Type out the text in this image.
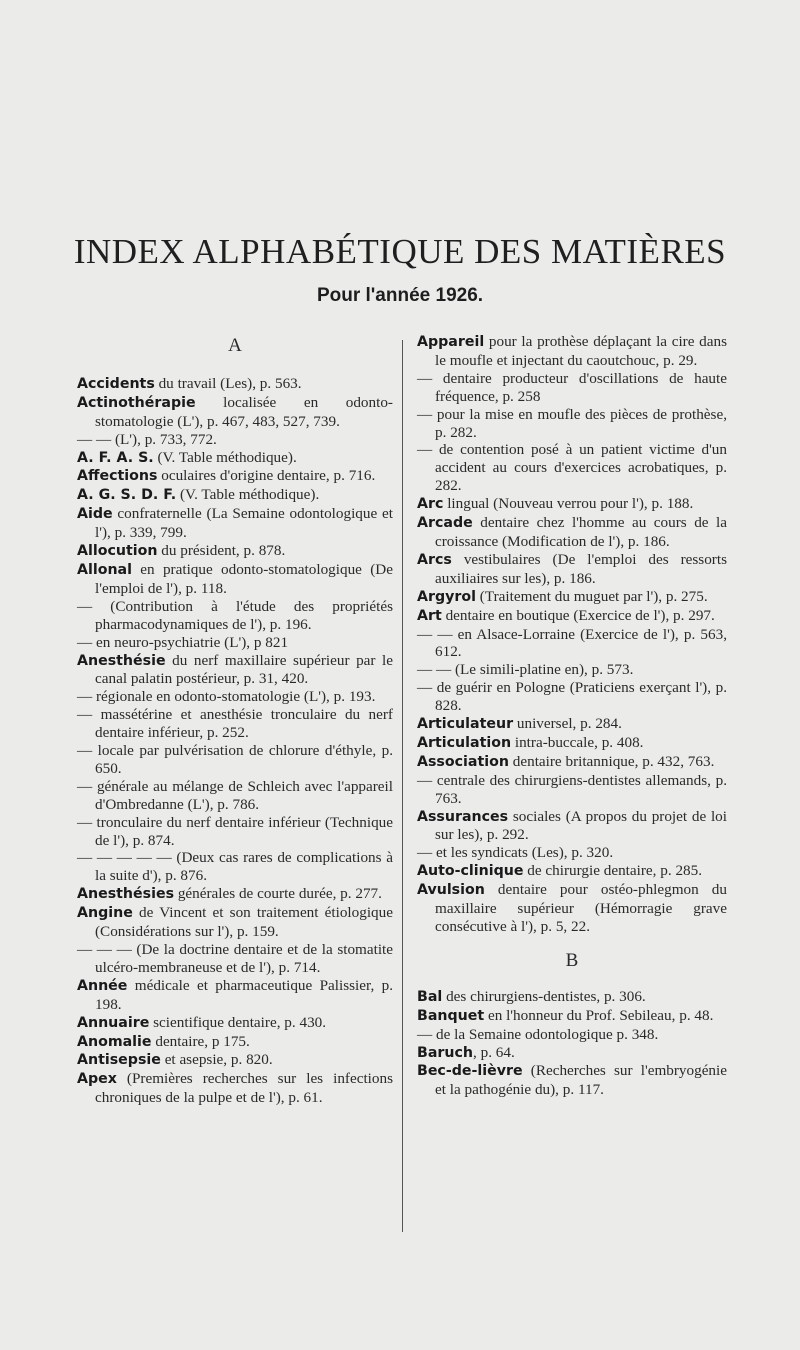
INDEX ALPHABÉTIQUE DES MATIÈRES
Pour l'année 1926.
A
Accidents du travail (Les), p. 563.
Actinothérapie localisée en odonto-stomatologie (L'), p. 467, 483, 527, 739.
— — (L'), p. 733, 772.
A. F. A. S. (V. Table méthodique).
Affections oculaires d'origine dentaire, p. 716.
A. G. S. D. F. (V. Table méthodique).
Aide confraternelle (La Semaine odontologique et l'), p. 339, 799.
Allocution du président, p. 878.
Allonal en pratique odonto-stomatologique (De l'emploi de l'), p. 118.
— (Contribution à l'étude des propriétés pharmacodynamiques de l'), p. 196.
— en neuro-psychiatrie (L'), p 821
Anesthésie du nerf maxillaire supérieur par le canal palatin postérieur, p. 31, 420.
— régionale en odonto-stomatologie (L'), p. 193.
— massétérine et anesthésie tronculaire du nerf dentaire inférieur, p. 252.
— locale par pulvérisation de chlorure d'éthyle, p. 650.
— générale au mélange de Schleich avec l'appareil d'Ombredanne (L'), p. 786.
— tronculaire du nerf dentaire inférieur (Technique de l'), p. 874.
— — — — — (Deux cas rares de complications à la suite d'), p. 876.
Anesthésies générales de courte durée, p. 277.
Angine de Vincent et son traitement étiologique (Considérations sur l'), p. 159.
— — — (De la doctrine dentaire et de la stomatite ulcéro-membraneuse et de l'), p. 714.
Année médicale et pharmaceutique Palissier, p. 198.
Annuaire scientifique dentaire, p. 430.
Anomalie dentaire, p 175.
Antisepsie et asepsie, p. 820.
Apex (Premières recherches sur les infections chroniques de la pulpe et de l'), p. 61.
Appareil pour la prothèse déplaçant la cire dans le moufle et injectant du caoutchouc, p. 29.
— dentaire producteur d'oscillations de haute fréquence, p. 258
— pour la mise en moufle des pièces de prothèse, p. 282.
— de contention posé à un patient victime d'un accident au cours d'exercices acrobatiques, p. 282.
Arc lingual (Nouveau verrou pour l'), p. 188.
Arcade dentaire chez l'homme au cours de la croissance (Modification de l'), p. 186.
Arcs vestibulaires (De l'emploi des ressorts auxiliaires sur les), p. 186.
Argyrol (Traitement du muguet par l'), p. 275.
Art dentaire en boutique (Exercice de l'), p. 297.
— — en Alsace-Lorraine (Exercice de l'), p. 563, 612.
— — (Le simili-platine en), p. 573.
— de guérir en Pologne (Praticiens exerçant l'), p. 828.
Articulateur universel, p. 284.
Articulation intra-buccale, p. 408.
Association dentaire britannique, p. 432, 763.
— centrale des chirurgiens-dentistes allemands, p. 763.
Assurances sociales (A propos du projet de loi sur les), p. 292.
— et les syndicats (Les), p. 320.
Auto-clinique de chirurgie dentaire, p. 285.
Avulsion dentaire pour ostéo-phlegmon du maxillaire supérieur (Hémorragie grave consécutive à l'), p. 5, 22.
B
Bal des chirurgiens-dentistes, p. 306.
Banquet en l'honneur du Prof. Sebileau, p. 48.
— de la Semaine odontologique p. 348.
Baruch, p. 64.
Bec-de-lièvre (Recherches sur l'embryogénie et la pathogénie du), p. 117.
